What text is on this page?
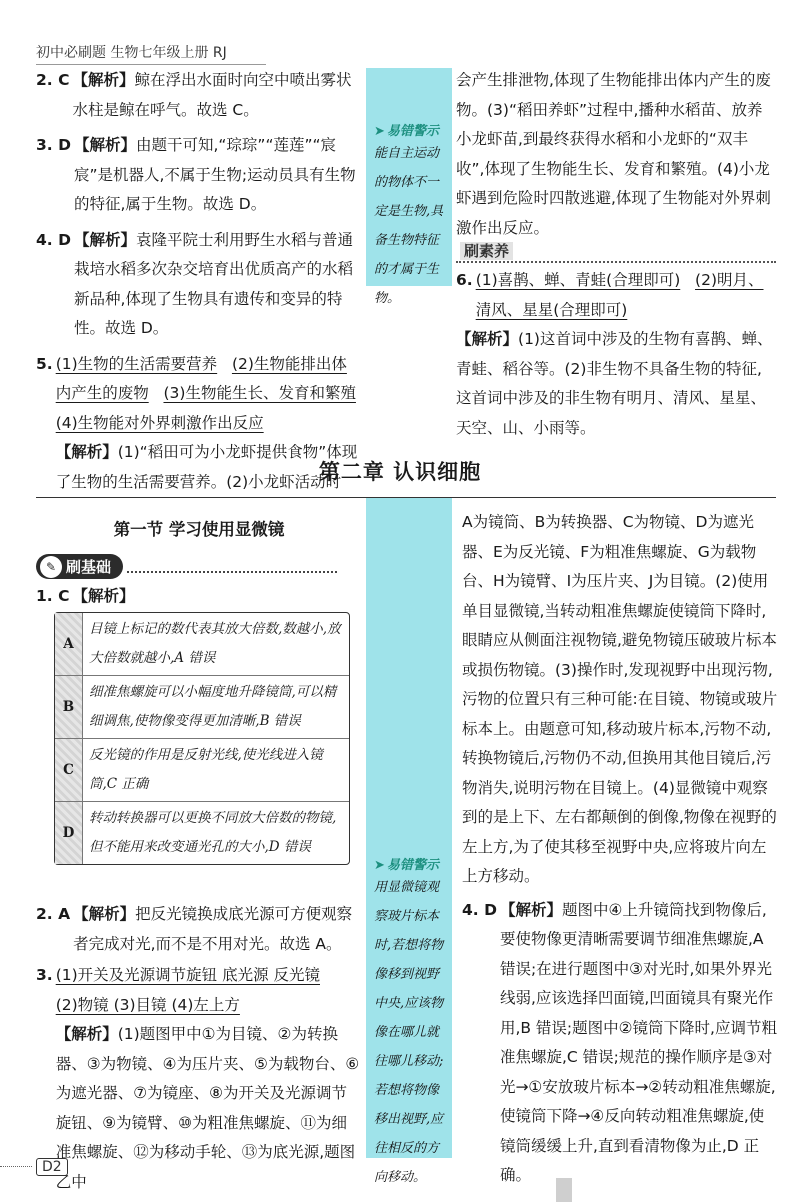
初中必刷题 生物七年级上册 RJ
➤ 易错警示
能自主运动的物体不一定是生物,具备生物特征的才属于生物。
2. C 【解析】鲸在浮出水面时向空中喷出雾状水柱是鲸在呼气。故选 C。
3. D 【解析】由题干可知,“琮琮”“莲莲”“宸宸”是机器人,不属于生物;运动员具有生物的特征,属于生物。故选 D。
4. D 【解析】袁隆平院士利用野生水稻与普通栽培水稻多次杂交培育出优质高产的水稻新品种,体现了生物具有遗传和变异的特性。故选 D。
5. (1)生物的生活需要营养 (2)生物能排出体内产生的废物 (3)生物能生长、发育和繁殖
(4)生物能对外界刺激作出反应
【解析】(1)“稻田可为小龙虾提供食物”体现了生物的生活需要营养。(2)小龙虾活动时
会产生排泄物,体现了生物能排出体内产生的废物。(3)“稻田养虾”过程中,播种水稻苗、放养小龙虾苗,到最终获得水稻和小龙虾的“双丰收”,体现了生物能生长、发育和繁殖。(4)小龙虾遇到危险时四散逃避,体现了生物能对外界刺激作出反应。
刷素养
6. (1)喜鹊、蝉、青蛙(合理即可) (2)明月、清风、星星(合理即可)
【解析】(1)这首词中涉及的生物有喜鹊、蝉、青蛙、稻谷等。(2)非生物不具备生物的特征,这首词中涉及的非生物有明月、清风、星星、天空、山、小雨等。
第二章 认识细胞
第一节 学习使用显微镜
➤ 易错警示
用显微镜观察玻片标本时,若想将物像移到视野中央,应该物像在哪儿就往哪儿移动;若想将物像移出视野,应往相反的方向移动。
✎ 刷基础
1. C 【解析】
A
目镜上标记的数代表其放大倍数,数越小,放大倍数就越小,A 错误
B
细准焦螺旋可以小幅度地升降镜筒,可以精细调焦,使物像变得更加清晰,B 错误
C
反光镜的作用是反射光线,使光线进入镜筒,C 正确
D
转动转换器可以更换不同放大倍数的物镜,但不能用来改变通光孔的大小,D 错误
2. A 【解析】把反光镜换成底光源可方便观察者完成对光,而不是不用对光。故选 A。
3. (1)开关及光源调节旋钮 底光源 反光镜
(2)物镜 (3)目镜 (4)左上方
【解析】(1)题图甲中①为目镜、②为转换器、③为物镜、④为压片夹、⑤为载物台、⑥为遮光器、⑦为镜座、⑧为开关及光源调节旋钮、⑨为镜臂、⑩为粗准焦螺旋、⑪为细准焦螺旋、⑫为移动手轮、⑬为底光源,题图乙中
A为镜筒、B为转换器、C为物镜、D为遮光器、E为反光镜、F为粗准焦螺旋、G为载物台、H为镜臂、I为压片夹、J为目镜。(2)使用单目显微镜,当转动粗准焦螺旋使镜筒下降时,眼睛应从侧面注视物镜,避免物镜压破玻片标本或损伤物镜。(3)操作时,发现视野中出现污物,污物的位置只有三种可能:在目镜、物镜或玻片标本上。由题意可知,移动玻片标本,污物不动,转换物镜后,污物仍不动,但换用其他目镜后,污物消失,说明污物在目镜上。(4)显微镜中观察到的是上下、左右都颠倒的倒像,物像在视野的左上方,为了使其移至视野中央,应将玻片向左上方移动。
4. D 【解析】题图中④上升镜筒找到物像后,要使物像更清晰需要调节细准焦螺旋,A 错误;在进行题图中③对光时,如果外界光线弱,应该选择凹面镜,凹面镜具有聚光作用,B 错误;题图中②镜筒下降时,应调节粗准焦螺旋,C 错误;规范的操作顺序是③对光→①安放玻片标本→②转动粗准焦螺旋,使镜筒下降→④反向转动粗准焦螺旋,使镜筒缓缓上升,直到看清物像为止,D 正确。
D2
